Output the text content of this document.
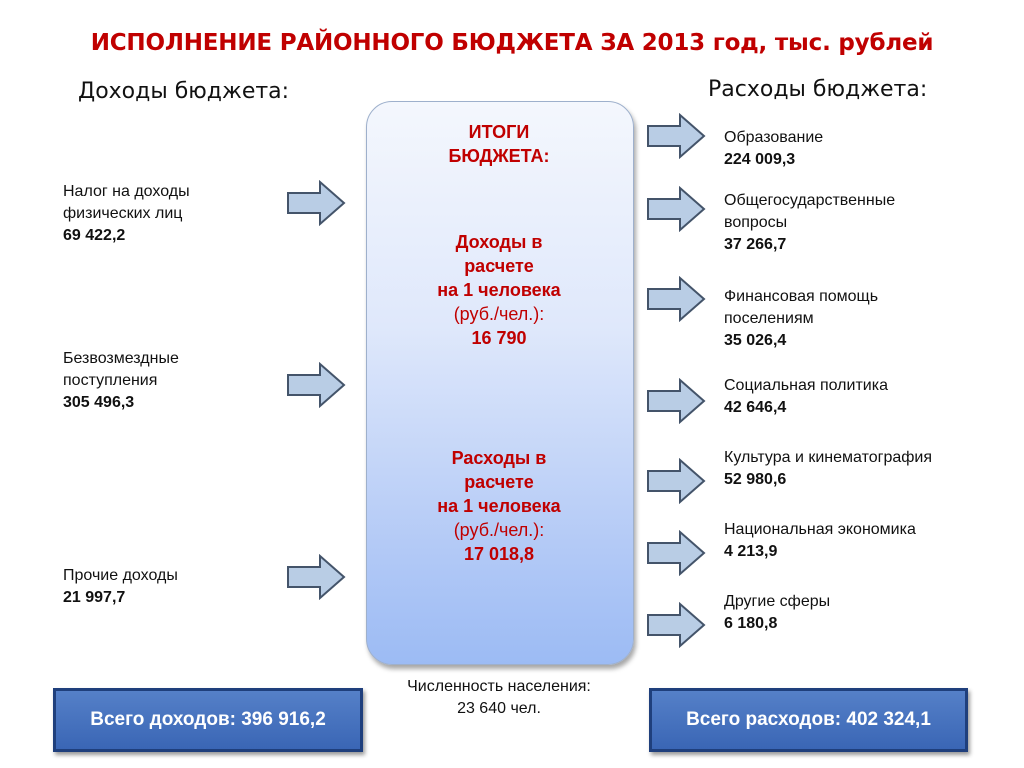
ИСПОЛНЕНИЕ РАЙОННОГО БЮДЖЕТА ЗА 2013 год, тыс. рублей
Доходы бюджета:	Расходы бюджета:
Налог на доходы
физических лиц
69 422,2
Безвозмездные
поступления
305 496,3
Прочие доходы
21 997,7
ИТОГИ
БЮДЖЕТА:
Доходы в
расчете
на 1 человека
(руб./чел.):
16 790
Расходы в
расчете
на 1 человека
(руб./чел.):
17 018,8
Образование
224 009,3
Общегосударственные
вопросы
37 266,7
Финансовая помощь
поселениям
35 026,4
Социальная политика
42 646,4
Культура и кинематография
52 980,6
Национальная экономика
4 213,9
Другие сферы
6 180,8
Численность населения:
23 640 чел.
Всего доходов: 396 916,2	Всего расходов: 402 324,1
